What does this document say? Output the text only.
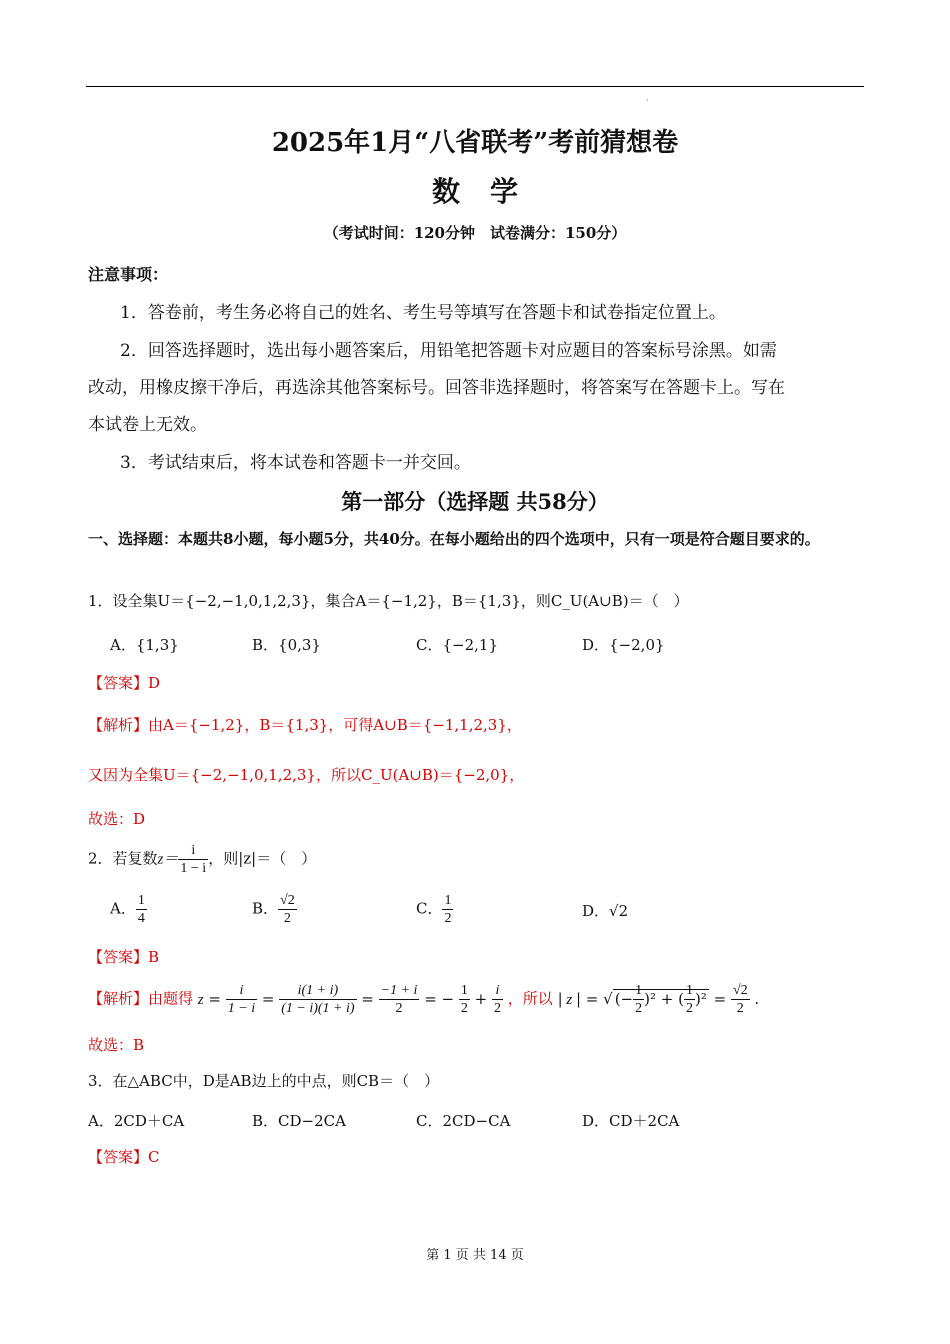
·
2025年1月“八省联考”考前猜想卷
数学
（考试时间：120分钟　试卷满分：150分）
注意事项：
1．答卷前，考生务必将自己的姓名、考生号等填写在答题卡和试卷指定位置上。
2．回答选择题时，选出每小题答案后，用铅笔把答题卡对应题目的答案标号涂黑。如需
改动，用橡皮擦干净后，再选涂其他答案标号。回答非选择题时，将答案写在答题卡上。写在
本试卷上无效。
3．考试结束后，将本试卷和答题卡一并交回。
第一部分（选择题 共58分）
一、选择题：本题共8小题，每小题5分，共40分。在每小题给出的四个选项中，只有一项是符合题目要求的。
1．设全集U＝{−2,−1,0,1,2,3}，集合A＝{−1,2}，B＝{1,3}，则C_U(A∪B)＝（　）
A．{1,3}	B．{0,3}	C．{−2,1}	D．{−2,0}
【答案】D
【解析】由A＝{−1,2}，B＝{1,3}，可得A∪B＝{−1,1,2,3}，
又因为全集U＝{−2,−1,0,1,2,3}，所以C_U(A∪B)＝{−2,0}，
故选：D
2．若复数$z= \frac{i}{1 - i}$ ，则|z|＝（　）
A． $\frac{1}{4}$	B． $\frac{√2}{2}$	C． $\frac{1}{2}$	D．√2
【答案】B
【解析】由题得 $z = \frac{i}{1 - i} = \frac{i(1 + i)}{(1 - i)(1 + i)} = \frac{-1 + i}{2}$ = − $\frac{1}{2} + \frac{i}{2}$ ，所以 | z | = √ (− $\frac{1}{2} )^2$ + ( $\frac{1}{2} )^2 = \frac{√2}{2}$ .
故选：B
3．在△ABC中，D是AB边上的中点，则CB＝（　）
A．2CD＋CA	B．CD−2CA	C．2CD−CA	D．CD＋2CA
【答案】C
第 1 页 共 14 页
